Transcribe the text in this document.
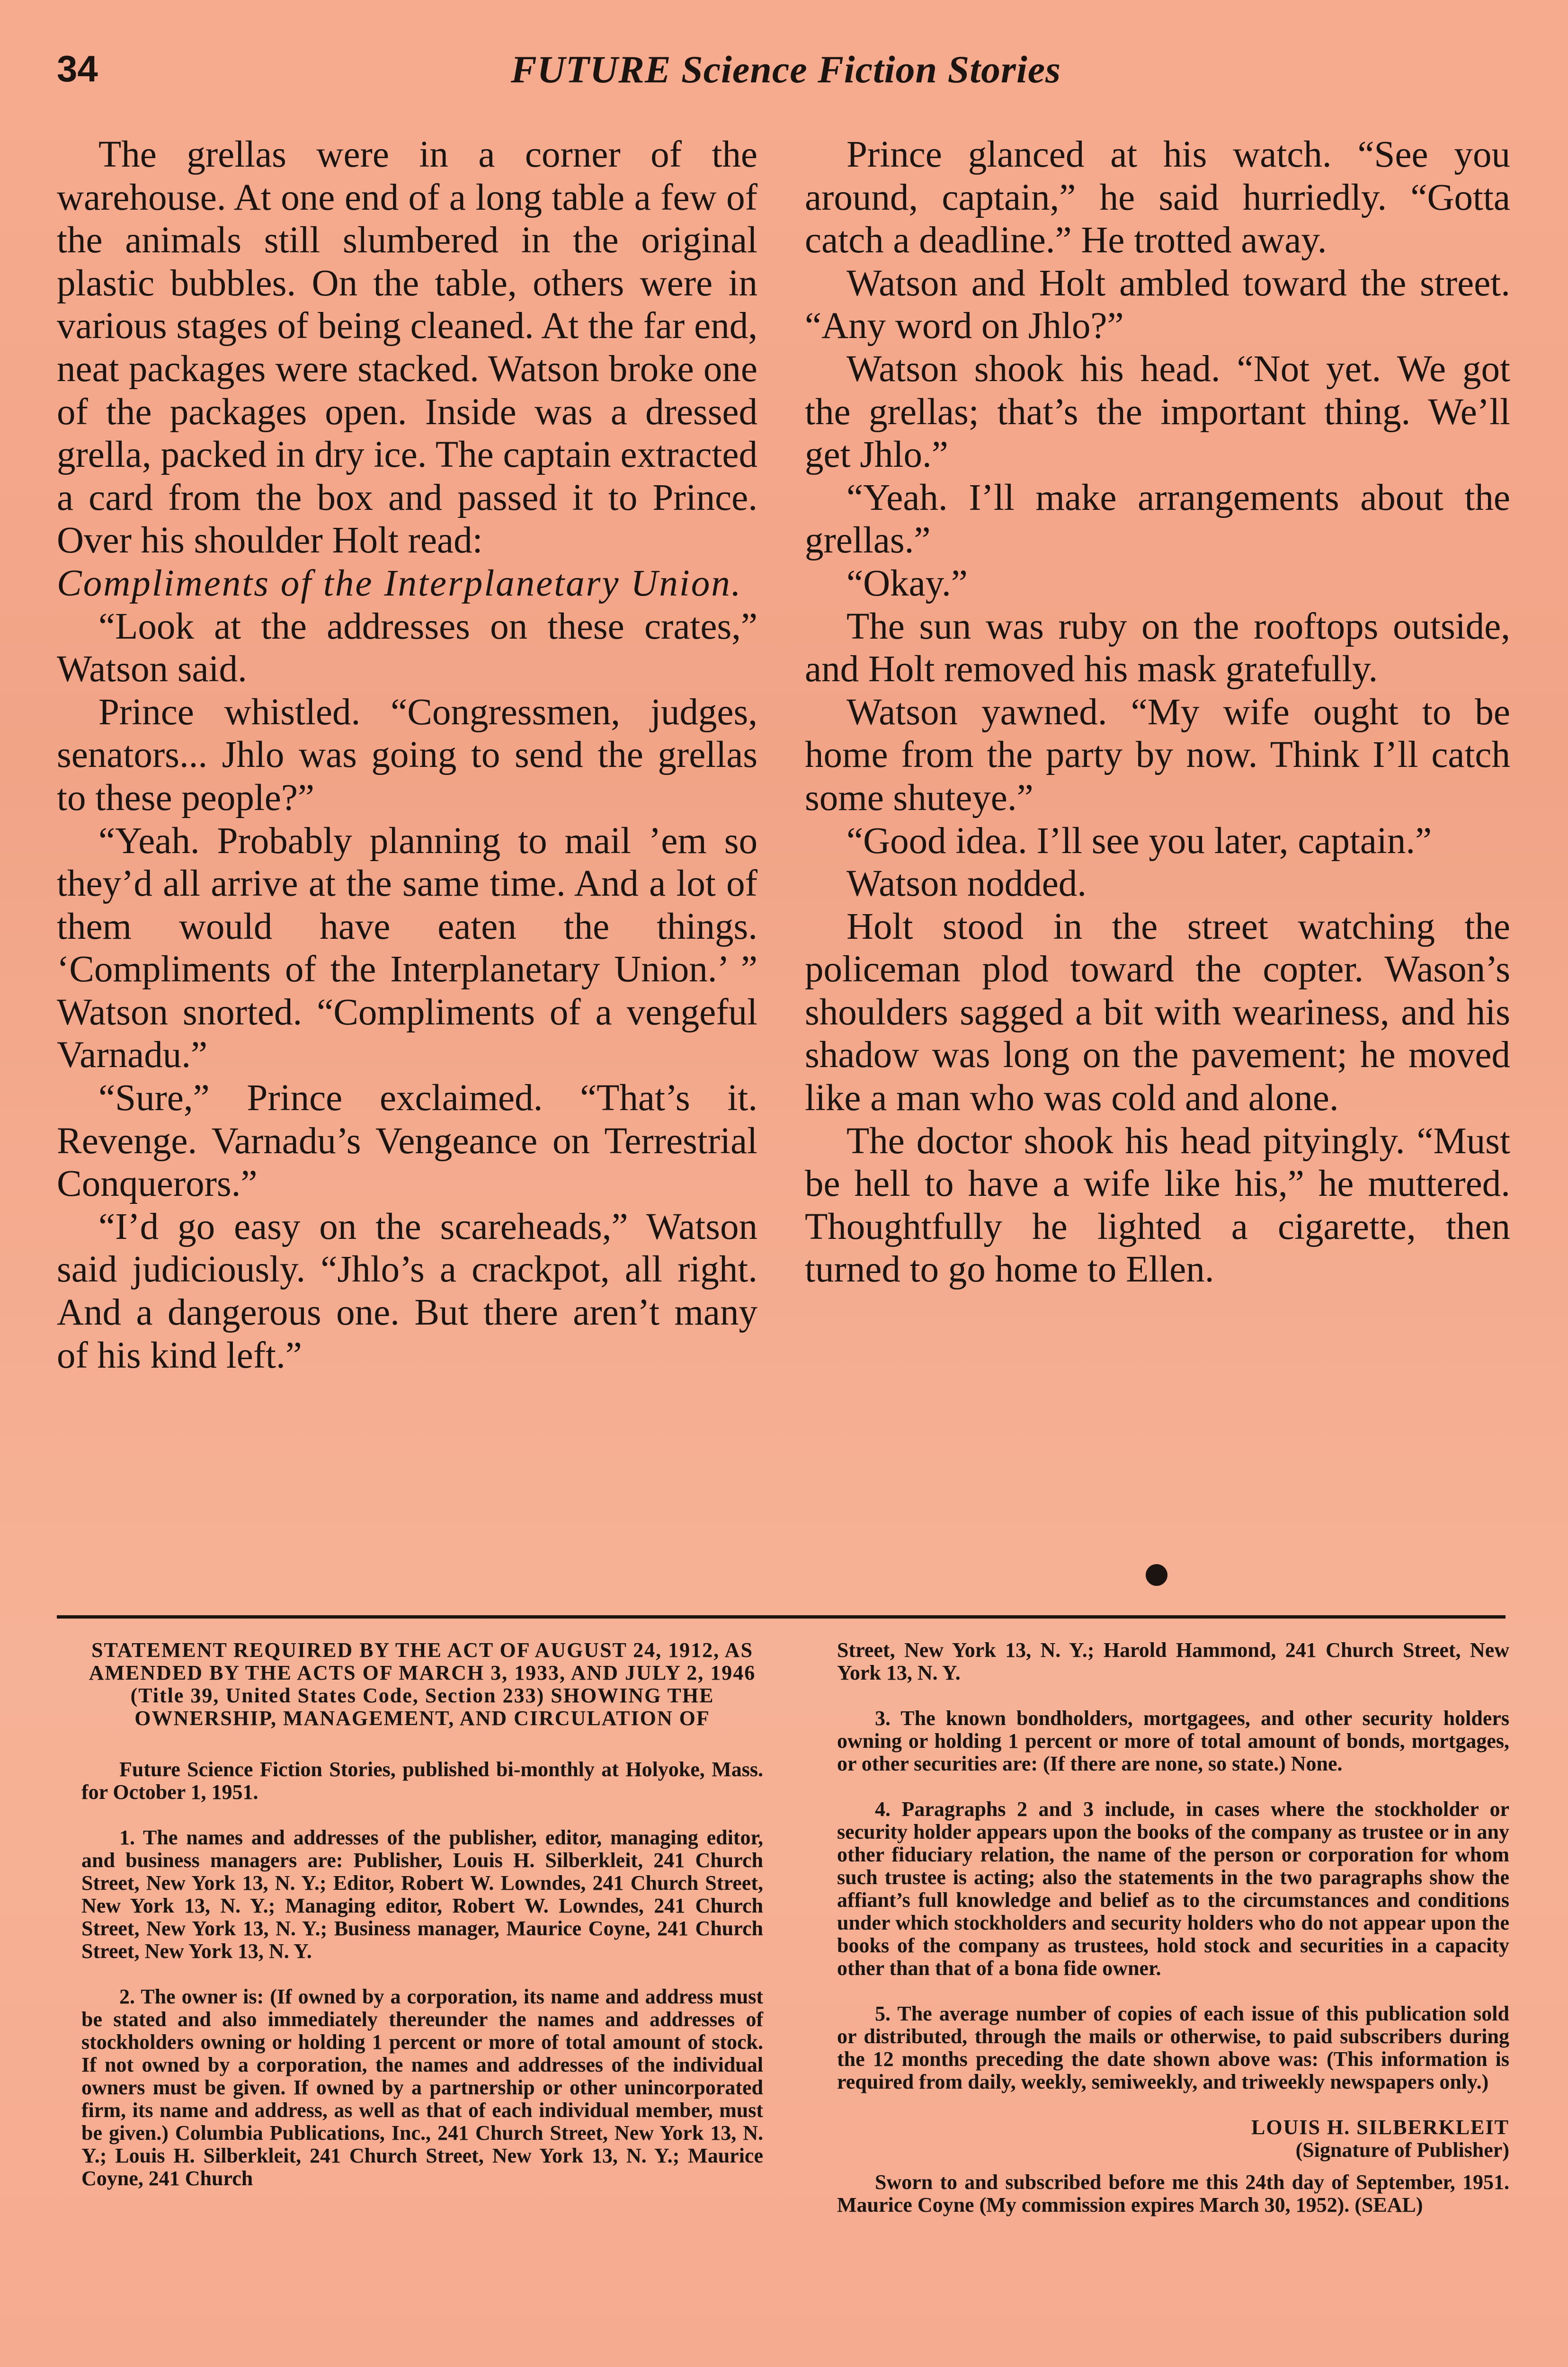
34	FUTURE Science Fiction Stories

The grellas were in a corner of the warehouse. At one end of a long table a few of the animals still slumbered in the original plastic bubbles. On the table, others were in various stages of being cleaned. At the far end, neat packages were stacked. Watson broke one of the packages open. Inside was a dressed grella, packed in dry ice. The captain extracted a card from the box and passed it to Prince. Over his shoulder Holt read:

Compliments of the Interplanetary Union.

“Look at the addresses on these crates,” Watson said.

Prince whistled. “Congressmen, judges, senators... Jhlo was going to send the grellas to these people?”

“Yeah. Probably planning to mail ’em so they’d all arrive at the same time. And a lot of them would have eaten the things. ‘Compliments of the Interplanetary Union.’ ” Watson snorted. “Compliments of a vengeful Varnadu.”

“Sure,” Prince exclaimed. “That’s it. Revenge. Varnadu’s Vengeance on Terrestrial Conquerors.”

“I’d go easy on the scareheads,” Watson said judiciously. “Jhlo’s a crackpot, all right. And a dangerous one. But there aren’t many of his kind left.”

Prince glanced at his watch. “See you around, captain,” he said hurriedly. “Gotta catch a deadline.” He trotted away.

Watson and Holt ambled toward the street. “Any word on Jhlo?”

Watson shook his head. “Not yet. We got the grellas; that’s the important thing. We’ll get Jhlo.”

“Yeah. I’ll make arrangements about the grellas.”

“Okay.”

The sun was ruby on the rooftops outside, and Holt removed his mask gratefully.

Watson yawned. “My wife ought to be home from the party by now. Think I’ll catch some shuteye.”

“Good idea. I’ll see you later, captain.”

Watson nodded.

Holt stood in the street watching the policeman plod toward the copter. Wason’s shoulders sagged a bit with weariness, and his shadow was long on the pavement; he moved like a man who was cold and alone.

The doctor shook his head pityingly. “Must be hell to have a wife like his,” he muttered. Thoughtfully he lighted a cigarette, then turned to go home to Ellen.

STATEMENT REQUIRED BY THE ACT OF AUGUST 24, 1912, AS AMENDED BY THE ACTS OF MARCH 3, 1933, AND JULY 2, 1946 (Title 39, United States Code, Section 233) SHOWING THE OWNERSHIP, MANAGEMENT, AND CIRCULATION OF

Future Science Fiction Stories, published bi-monthly at Holyoke, Mass. for October 1, 1951.

1. The names and addresses of the publisher, editor, managing editor, and business managers are: Publisher, Louis H. Silberkleit, 241 Church Street, New York 13, N. Y.; Editor, Robert W. Lowndes, 241 Church Street, New York 13, N. Y.; Managing editor, Robert W. Lowndes, 241 Church Street, New York 13, N. Y.; Business manager, Maurice Coyne, 241 Church Street, New York 13, N. Y.

2. The owner is: (If owned by a corporation, its name and address must be stated and also immediately thereunder the names and addresses of stockholders owning or holding 1 percent or more of total amount of stock. If not owned by a corporation, the names and addresses of the individual owners must be given. If owned by a partnership or other unincorporated firm, its name and address, as well as that of each individual member, must be given.) Columbia Publications, Inc., 241 Church Street, New York 13, N. Y.; Louis H. Silberkleit, 241 Church Street, New York 13, N. Y.; Maurice Coyne, 241 Church

Street, New York 13, N. Y.; Harold Hammond, 241 Church Street, New York 13, N. Y.

3. The known bondholders, mortgagees, and other security holders owning or holding 1 percent or more of total amount of bonds, mortgages, or other securities are: (If there are none, so state.) None.

4. Paragraphs 2 and 3 include, in cases where the stockholder or security holder appears upon the books of the company as trustee or in any other fiduciary relation, the name of the person or corporation for whom such trustee is acting; also the statements in the two paragraphs show the affiant’s full knowledge and belief as to the circumstances and conditions under which stockholders and security holders who do not appear upon the books of the company as trustees, hold stock and securities in a capacity other than that of a bona fide owner.

5. The average number of copies of each issue of this publication sold or distributed, through the mails or otherwise, to paid subscribers during the 12 months preceding the date shown above was: (This information is required from daily, weekly, semiweekly, and triweekly newspapers only.)

LOUIS H. SILBERKLEIT

(Signature of Publisher)

Sworn to and subscribed before me this 24th day of September, 1951. Maurice Coyne (My commission expires March 30, 1952). (SEAL)
